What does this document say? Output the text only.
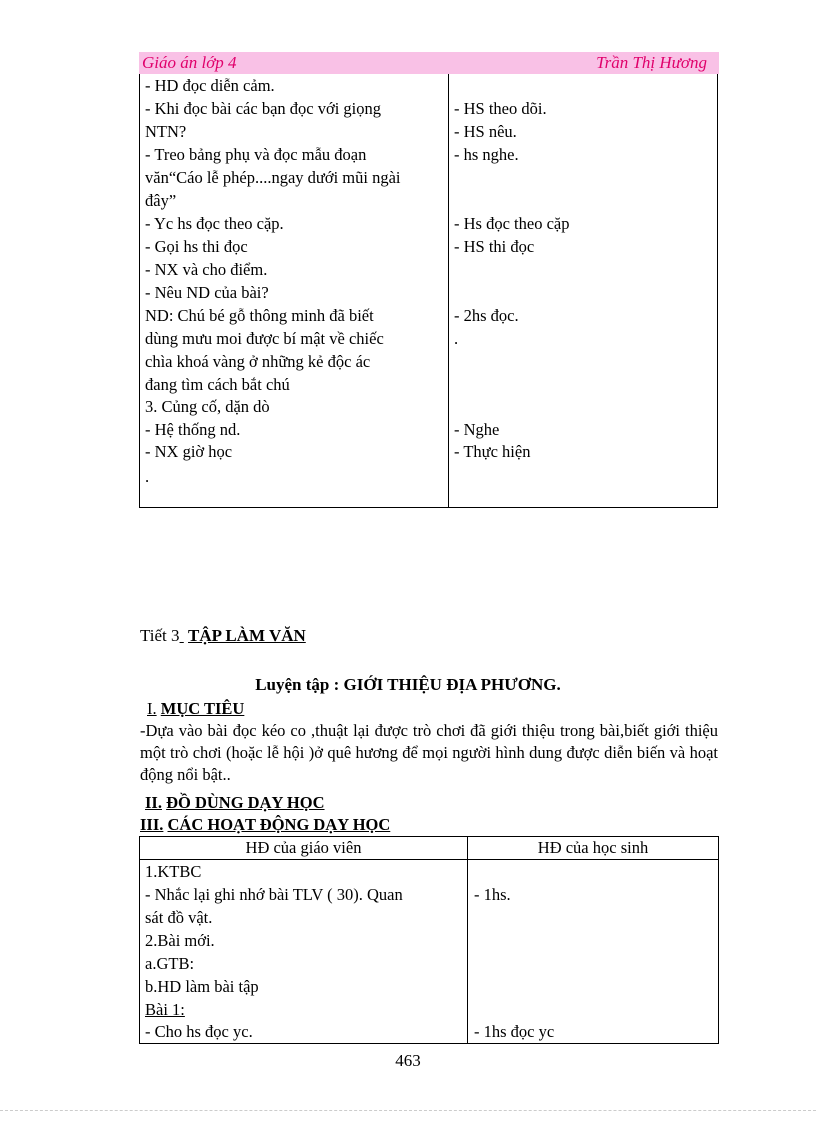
Giáo án lớp 4	Trần Thị Hương
- HD đọc diễn cảm.
- Khi đọc bài các bạn đọc với giọng
NTN?
- Treo bảng phụ và đọc mẫu đoạn
văn“Cáo lễ phép....ngay dưới mũi ngài
đây”
- Yc hs đọc theo cặp.
- Gọi hs thi đọc
- NX và cho điểm.
- Nêu ND của bài?
ND: Chú bé gỗ thông minh đã biết
dùng mưu moi được bí mật về chiếc
chìa khoá vàng ở những kẻ độc ác
đang tìm cách bắt chú
3. Củng cố, dặn dò
- Hệ thống nd.
- NX giờ học
.
- HS theo dõi.
- HS nêu.
- hs nghe.
- Hs đọc theo cặp
- HS thi đọc
- 2hs đọc.
.
- Nghe
- Thực hiện
Tiết 3 TẬP LÀM VĂN
Luyện tập : GIỚI THIỆU ĐỊA PHƯƠNG.
I. MỤC TIÊU
-Dựa vào bài đọc kéo co ,thuật lại được trò chơi đã giới thiệu trong bài,biết giới thiệu một trò chơi (hoặc lễ hội )ở quê hương để mọi người hình dung được diễn biến và hoạt động nổi bật..
II. ĐỒ DÙNG DẠY HỌC
III. CÁC HOẠT ĐỘNG DẠY HỌC
HĐ của giáo viên	HĐ của học sinh
1.KTBC
- Nhắc lại ghi nhớ bài TLV ( 30). Quan
sát đồ vật.
2.Bài mới.
a.GTB:
b.HD làm bài tập
Bài 1:
- Cho hs đọc yc.
- 1hs.
- 1hs đọc yc
463
